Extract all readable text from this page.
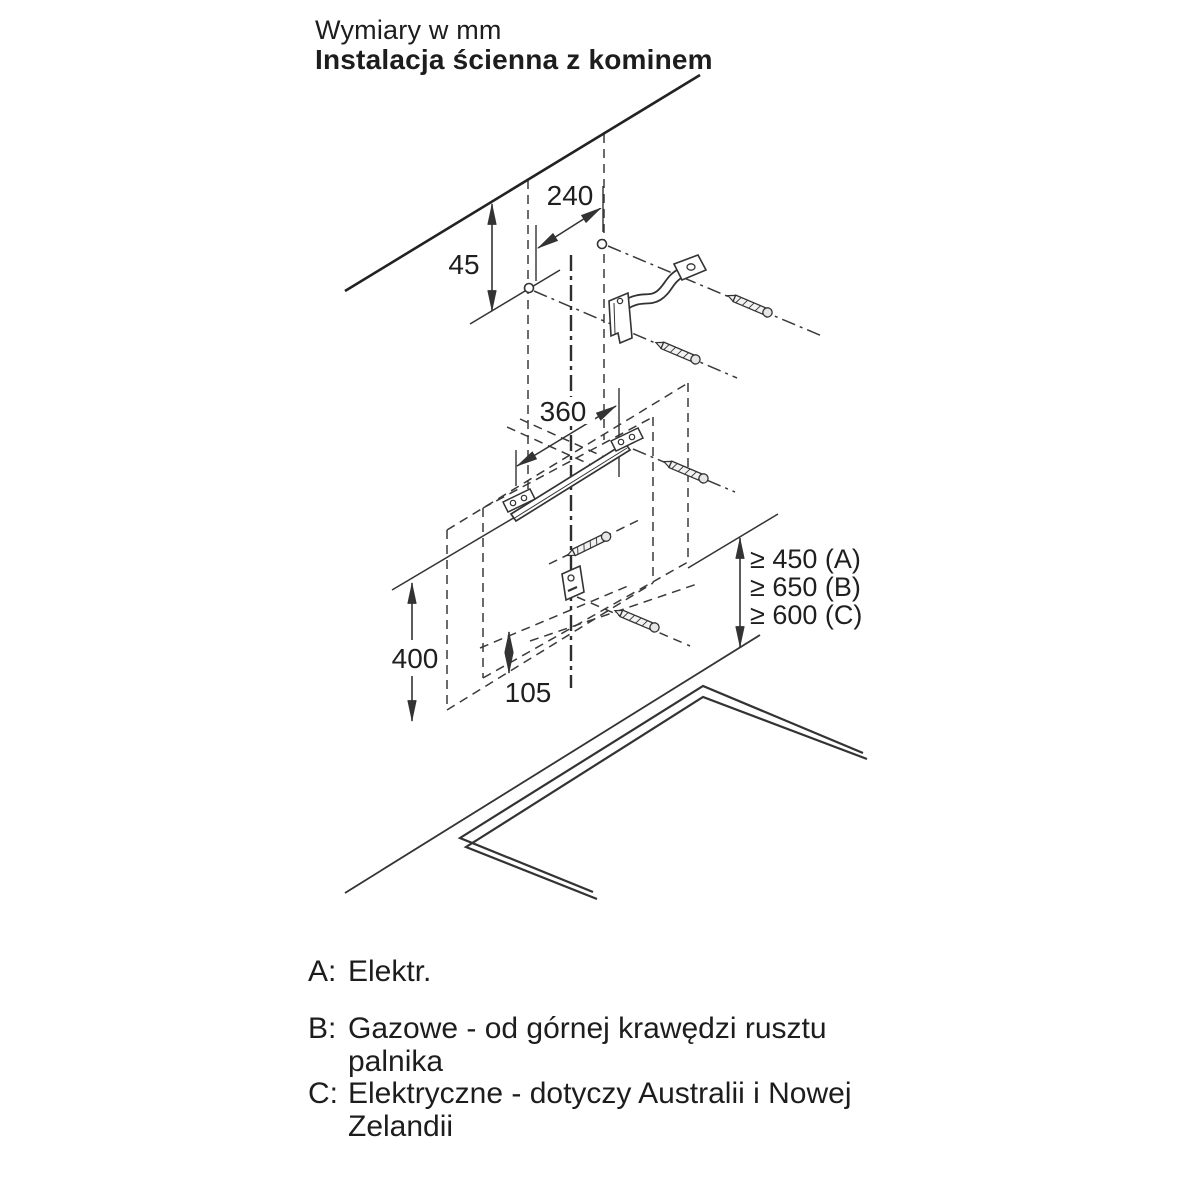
Wymiary w mm
Instalacja ścienna z kominem
240
45
360
400
105
≥ 450 (A)
≥ 650 (B)
≥ 600 (C)
A: Elektr.
B: Gazowe - od górnej krawędzi rusztu
palnika
C: Elektryczne - dotyczy Australii i Nowej
Zelandii
